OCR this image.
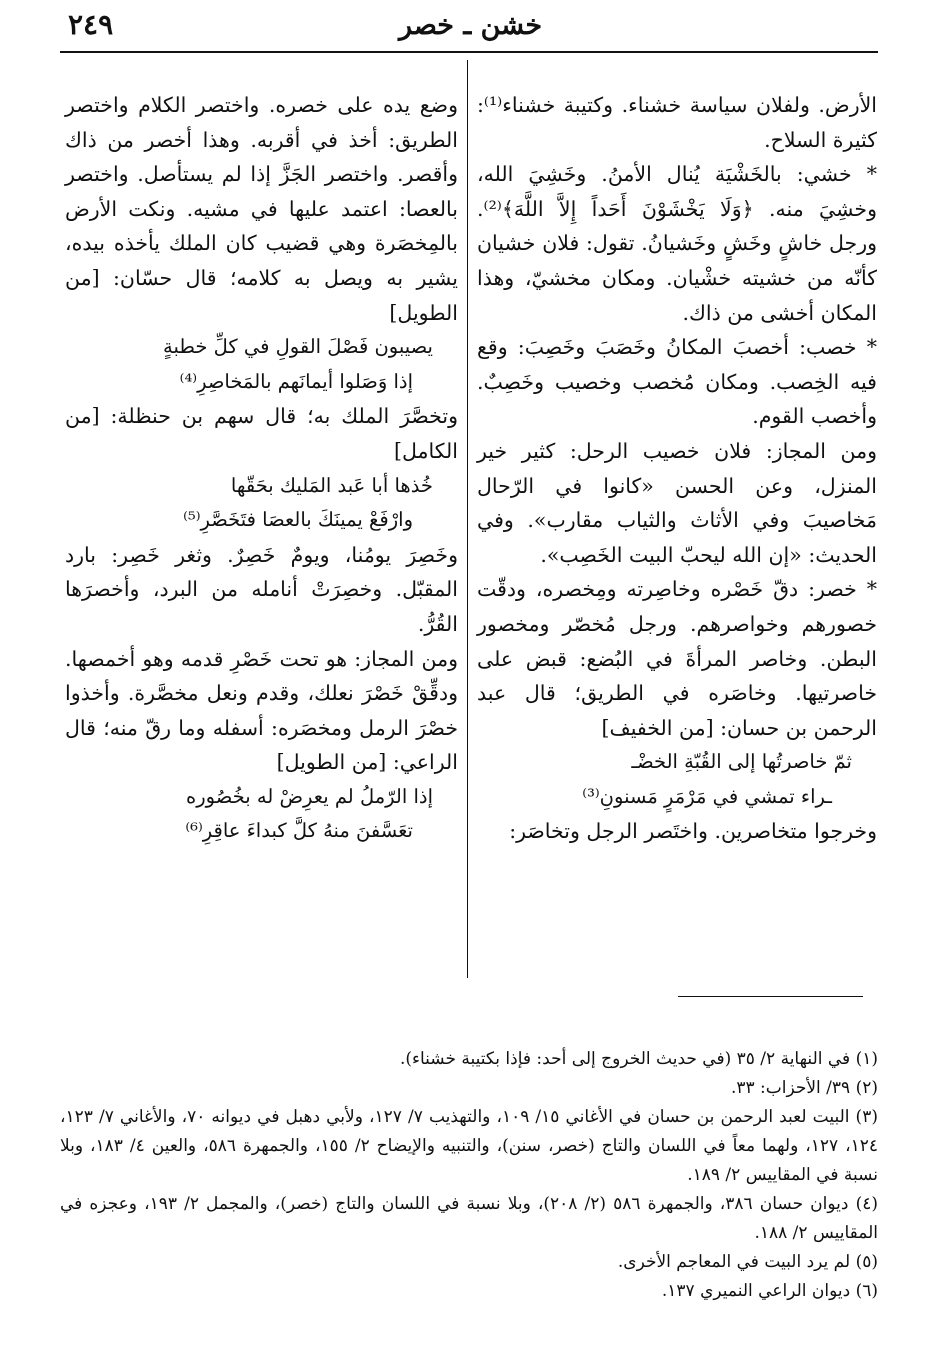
٢٤٩	خشن ـ خصر

الأرض. ولفلان سياسة خشناء. وكتيبة خشناء⁽¹⁾: كثيرة السلاح.

* خشي: بالخَشْيَة يُنال الأمنُ. وخَشِيَ الله، وخشِيَ منه. ﴿وَلَا يَخْشَوْنَ أَحَداً إِلاَّ اللَّهَ﴾⁽²⁾. ورجل خاشٍ وخَشٍ وخَشيانُ. تقول: فلان خشيان كأنّه من خشيته خشْيان. ومكان مخشيّ، وهذا المكان أخشى من ذاك.

* خصب: أخصبَ المكانُ وخَصَبَ وخَصِبَ: وقع فيه الخِصب. ومكان مُخصب وخصيب وخَصِبٌ. وأخصب القوم.

ومن المجاز: فلان خصيب الرحل: كثير خير المنزل، وعن الحسن «كانوا في الرّحال مَخاصيبَ وفي الأثاث والثياب مقارب». وفي الحديث: «إن الله ليحبّ البيت الخَصِب».

* خصر: دقّ خَصْره وخاصِرته ومِخصره، ودقّت خصورهم وخواصرهم. ورجل مُخصّر ومخصور البطن. وخاصر المرأةَ في البُضع: قبض على خاصرتيها. وخاصَره في الطريق؛ قال عبد الرحمن بن حسان: [من الخفيف]

ثمّ خاصرتُها إلى القُبّةِ الخضْـ

ـراء تمشي في مَرْمَرٍ مَسنونِ⁽³⁾

وخرجوا متخاصرين. واختَصر الرجل وتخاصَر:

وضع يده على خصره. واختصر الكلام واختصر الطريق: أخذ في أقربه. وهذا أخصر من ذاك وأقصر. واختصر الجَزَّ إذا لم يستأصل. واختصر بالعصا: اعتمد عليها في مشيه. ونكت الأرض بالمِخصَرة وهي قضيب كان الملك يأخذه بيده، يشير به ويصل به كلامه؛ قال حسّان: [من الطويل]

يصيبون فَصْلَ القولِ في كلِّ خطبةٍ

إذا وَصَلوا أيمانَهم بالمَخاصِرِ⁽⁴⁾

وتخصَّرَ الملك به؛ قال سهم بن حنظلة: [من الكامل]

خُذها أبا عَبد المَليك بحَقّها

وارْفَعْ يمينَكَ بالعصَا فتَخَصَّرِ⁽⁵⁾

وخَصِرَ يومُنا، ويومٌ خَصِرٌ. وثغر خَصِر: بارد المقبّل. وخصِرَتْ أنامله من البرد، وأخصرَها القُرُّ.

ومن المجاز: هو تحت خَصْرِ قدمه وهو أخمصها. ودقِّقْ خَصْرَ نعلك، وقدم ونعل مخصَّرة. وأخذوا خصْرَ الرمل ومخصَره: أسفله وما رقّ منه؛ قال الراعي: [من الطويل]

إذا الرّملُ لم يعرِضْ له بخُصُوره

تعَسَّفنَ منهُ كلَّ كبداءَ عاقِرِ⁽⁶⁾

(١) في النهاية ٢/ ٣٥ (في حديث الخروج إلى أحد: فإذا بكتيبة خشناء).

(٢) ٣٩/ الأحزاب: ٣٣.

(٣) البيت لعبد الرحمن بن حسان في الأغاني ١٥/ ١٠٩، والتهذيب ٧/ ١٢٧، ولأبي دهبل في ديوانه ٧٠، والأغاني ٧/ ١٢٣، ١٢٤، ١٢٧، ولهما معاً في اللسان والتاج (خصر، سنن)، والتنبيه والإيضاح ٢/ ١٥٥، والجمهرة ٥٨٦، والعين ٤/ ١٨٣، وبلا نسبة في المقاييس ٢/ ١٨٩.

(٤) ديوان حسان ٣٨٦، والجمهرة ٥٨٦ (٢/ ٢٠٨)، وبلا نسبة في اللسان والتاج (خصر)، والمجمل ٢/ ١٩٣، وعجزه في المقاييس ٢/ ١٨٨.

(٥) لم يرد البيت في المعاجم الأخرى.

(٦) ديوان الراعي النميري ١٣٧.
